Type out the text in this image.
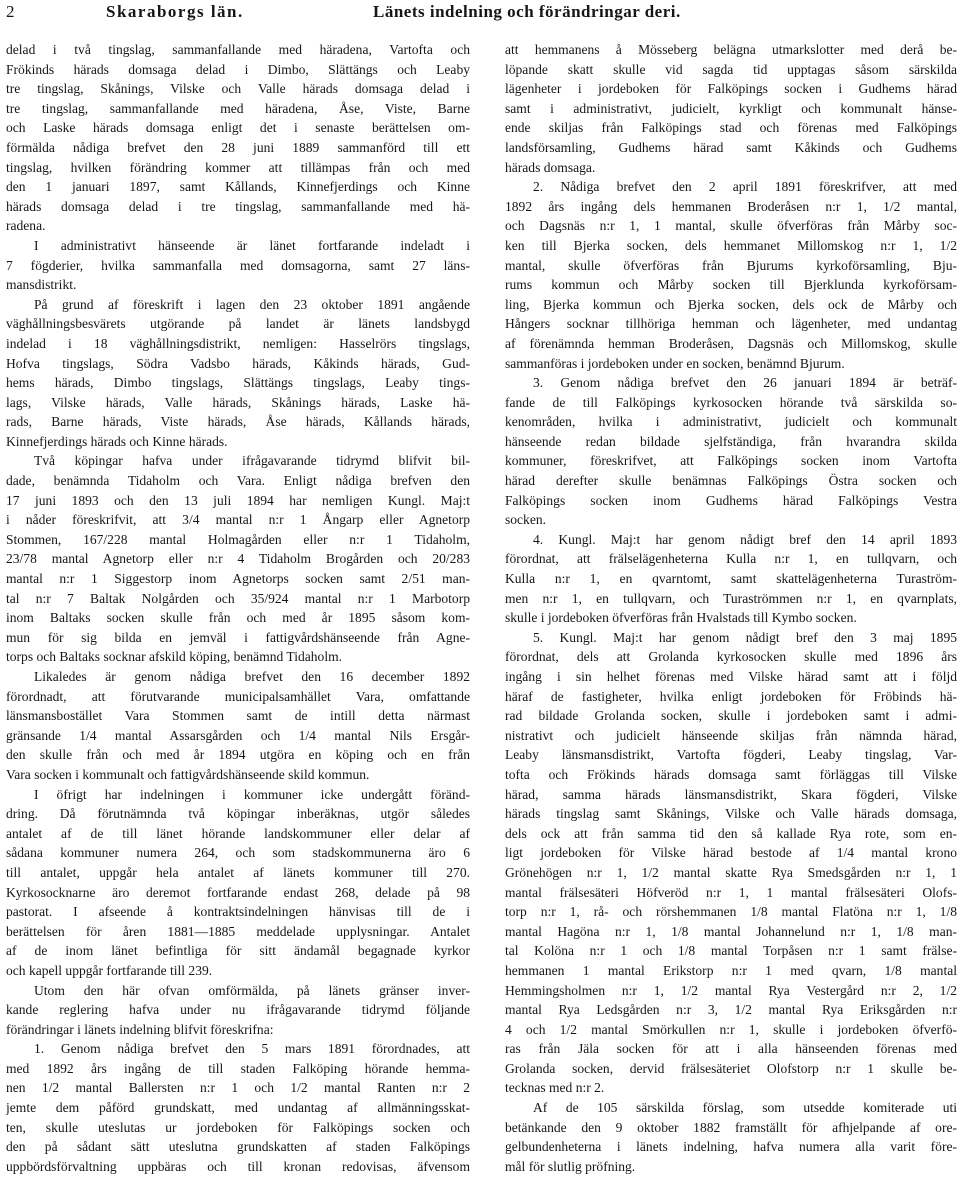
2	Skaraborgs län.	Länets indelning och förändringar deri.
delad i två tingslag, sammanfallande med häradena, Vartofta och
Frökinds härads domsaga delad i Dimbo, Slättängs och Leaby
tre tingslag, Skånings, Vilske och Valle härads domsaga delad i
tre tingslag, sammanfallande med häradena, Åse, Viste, Barne
och Laske härads domsaga enligt det i senaste berättelsen om-
förmälda nådiga brefvet den 28 juni 1889 sammanförd till ett
tingslag, hvilken förändring kommer att tillämpas från och med
den 1 januari 1897, samt Kållands, Kinnefjerdings och Kinne
härads domsaga delad i tre tingslag, sammanfallande med hä-
radena.
I administrativt hänseende är länet fortfarande indeladt i
7 fögderier, hvilka sammanfalla med domsagorna, samt 27 läns-
mansdistrikt.
På grund af föreskrift i lagen den 23 oktober 1891 angående
väghållningsbesvärets utgörande på landet är länets landsbygd
indelad i 18 väghållningsdistrikt, nemligen: Hasselrörs tingslags,
Hofva tingslags, Södra Vadsbo härads, Kåkinds härads, Gud-
hems härads, Dimbo tingslags, Slättängs tingslags, Leaby tings-
lags, Vilske härads, Valle härads, Skånings härads, Laske hä-
rads, Barne härads, Viste härads, Åse härads, Kållands härads,
Kinnefjerdings härads och Kinne härads.
Två köpingar hafva under ifrågavarande tidrymd blifvit bil-
dade, benämnda Tidaholm och Vara. Enligt nådiga brefven den
17 juni 1893 och den 13 juli 1894 har nemligen Kungl. Maj:t
i nåder föreskrifvit, att 3/4 mantal n:r 1 Ångarp eller Agnetorp
Stommen, 167/228 mantal Holmagården eller n:r 1 Tidaholm,
23/78 mantal Agnetorp eller n:r 4 Tidaholm Brogården och 20/283
mantal n:r 1 Siggestorp inom Agnetorps socken samt 2/51 man-
tal n:r 7 Baltak Nolgården och 35/924 mantal n:r 1 Marbotorp
inom Baltaks socken skulle från och med år 1895 såsom kom-
mun för sig bilda en jemväl i fattigvårdshänseende från Agne-
torps och Baltaks socknar afskild köping, benämnd Tidaholm.
Likaledes är genom nådiga brefvet den 16 december 1892
förordnadt, att förutvarande municipalsamhället Vara, omfattande
länsmansbostället Vara Stommen samt de intill detta närmast
gränsande 1/4 mantal Assarsgården och 1/4 mantal Nils Ersgår-
den skulle från och med år 1894 utgöra en köping och en från
Vara socken i kommunalt och fattigvårdshänseende skild kommun.
I öfrigt har indelningen i kommuner icke undergått föränd-
dring. Då förutnämnda två köpingar inberäknas, utgör således
antalet af de till länet hörande landskommuner eller delar af
sådana kommuner numera 264, och som stadskommunerna äro 6
till antalet, uppgår hela antalet af länets kommuner till 270.
Kyrkosocknarne äro deremot fortfarande endast 268, delade på 98
pastorat. I afseende å kontraktsindelningen hänvisas till de i
berättelsen för åren 1881—1885 meddelade upplysningar. Antalet
af de inom länet befintliga för sitt ändamål begagnade kyrkor
och kapell uppgår fortfarande till 239.
Utom den här ofvan omförmälda, på länets gränser inver-
kande reglering hafva under nu ifrågavarande tidrymd följande
förändringar i länets indelning blifvit föreskrifna:
1. Genom nådiga brefvet den 5 mars 1891 förordnades, att
med 1892 års ingång de till staden Falköping hörande hemma-
nen 1/2 mantal Ballersten n:r 1 och 1/2 mantal Ranten n:r 2
jemte dem påförd grundskatt, med undantag af allmänningsskat-
ten, skulle uteslutas ur jordeboken för Falköpings socken och
den på sådant sätt uteslutna grundskatten af staden Falköpings
uppbördsförvaltning uppbäras och till kronan redovisas, äfvensom
att hemmanens å Mösseberg belägna utmarkslotter med derå be-
löpande skatt skulle vid sagda tid upptagas såsom särskilda
lägenheter i jordeboken för Falköpings socken i Gudhems härad
samt i administrativt, judicielt, kyrkligt och kommunalt hänse-
ende skiljas från Falköpings stad och förenas med Falköpings
landsförsamling, Gudhems härad samt Kåkinds och Gudhems
härads domsaga.
2. Nådiga brefvet den 2 april 1891 föreskrifver, att med
1892 års ingång dels hemmanen Broderåsen n:r 1, 1/2 mantal,
och Dagsnäs n:r 1, 1 mantal, skulle öfverföras från Mårby soc-
ken till Bjerka socken, dels hemmanet Millomskog n:r 1, 1/2
mantal, skulle öfverföras från Bjurums kyrkoförsamling, Bju-
rums kommun och Mårby socken till Bjerklunda kyrkoförsam-
ling, Bjerka kommun och Bjerka socken, dels ock de Mårby och
Hångers socknar tillhöriga hemman och lägenheter, med undantag
af förenämnda hemman Broderåsen, Dagsnäs och Millomskog, skulle
sammanföras i jordeboken under en socken, benämnd Bjurum.
3. Genom nådiga brefvet den 26 januari 1894 är beträf-
fande de till Falköpings kyrkosocken hörande två särskilda so-
kenområden, hvilka i administrativt, judicielt och kommunalt
hänseende redan bildade sjelfständiga, från hvarandra skilda
kommuner, föreskrifvet, att Falköpings socken inom Vartofta
härad derefter skulle benämnas Falköpings Östra socken och
Falköpings socken inom Gudhems härad Falköpings Vestra
socken.
4. Kungl. Maj:t har genom nådigt bref den 14 april 1893
förordnat, att frälselägenheterna Kulla n:r 1, en tullqvarn, och
Kulla n:r 1, en qvarntomt, samt skattelägenheterna Turaström-
men n:r 1, en tullqvarn, och Turaströmmen n:r 1, en qvarnplats,
skulle i jordeboken öfverföras från Hvalstads till Kymbo socken.
5. Kungl. Maj:t har genom nådigt bref den 3 maj 1895
förordnat, dels att Grolanda kyrkosocken skulle med 1896 års
ingång i sin helhet förenas med Vilske härad samt att i följd
häraf de fastigheter, hvilka enligt jordeboken för Fröbinds hä-
rad bildade Grolanda socken, skulle i jordeboken samt i admi-
nistrativt och judicielt hänseende skiljas från nämnda härad,
Leaby länsmansdistrikt, Vartofta fögderi, Leaby tingslag, Var-
tofta och Frökinds härads domsaga samt förläggas till Vilske
härad, samma härads länsmansdistrikt, Skara fögderi, Vilske
härads tingslag samt Skånings, Vilske och Valle härads domsaga,
dels ock att från samma tid den så kallade Rya rote, som en-
ligt jordeboken för Vilske härad bestode af 1/4 mantal krono
Grönehögen n:r 1, 1/2 mantal skatte Rya Smedsgården n:r 1, 1
mantal frälsesäteri Höfveröd n:r 1, 1 mantal frälsesäteri Olofs-
torp n:r 1, rå- och rörshemmanen 1/8 mantal Flatöna n:r 1, 1/8
mantal Hagöna n:r 1, 1/8 mantal Johannelund n:r 1, 1/8 man-
tal Kolöna n:r 1 och 1/8 mantal Torpåsen n:r 1 samt frälse-
hemmanen 1 mantal Erikstorp n:r 1 med qvarn, 1/8 mantal
Hemmingsholmen n:r 1, 1/2 mantal Rya Vestergård n:r 2, 1/2
mantal Rya Ledsgården n:r 3, 1/2 mantal Rya Eriksgården n:r
4 och 1/2 mantal Smörkullen n:r 1, skulle i jordeboken öfverfö-
ras från Jäla socken för att i alla hänseenden förenas med
Grolanda socken, dervid frälsesäteriet Olofstorp n:r 1 skulle be-
tecknas med n:r 2.
Af de 105 särskilda förslag, som utsedde komiterade uti
betänkande den 9 oktober 1882 framställt för afhjelpande af ore-
gelbundenheterna i länets indelning, hafva numera alla varit före-
mål för slutlig pröfning.
